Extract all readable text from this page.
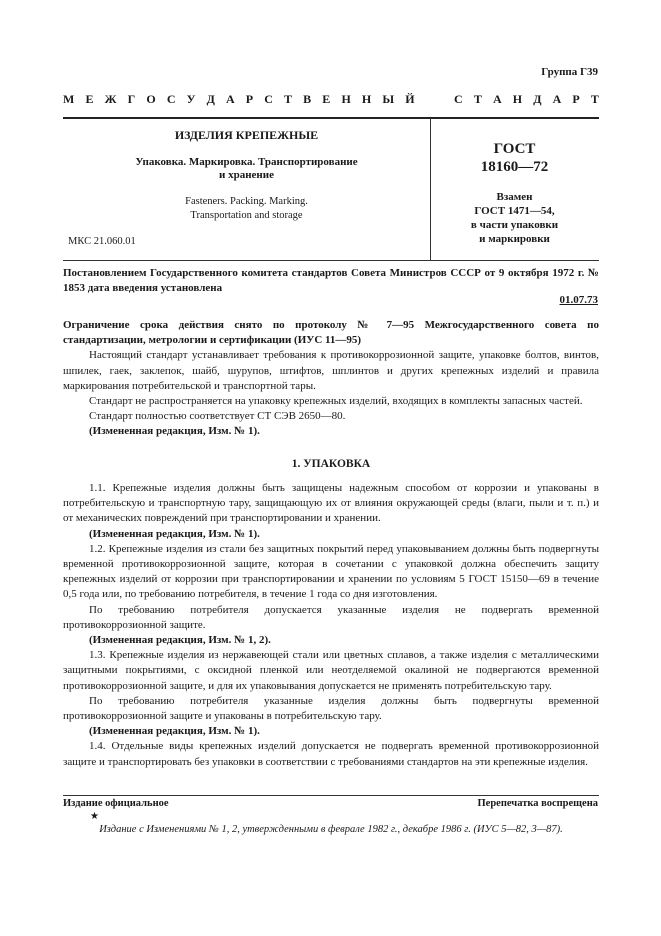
Группа Г39
М Е Ж Г О С У Д А Р С Т В Е Н Н Ы Й

	С Т А Н Д А Р Т
ИЗДЕЛИЯ КРЕПЕЖНЫЕ
Упаковка. Маркировка. Транспортирование
и хранение
Fasteners. Packing. Marking.
Transportation and storage
МКС 21.060.01
ГОСТ
18160—72
Взамен
ГОСТ 1471—54,
в части упаковки
и маркировки

Постановлением Государственного комитета стандартов Совета Министров СССР от 9 октября 1972 г. № 1853 дата введения установлена

01.07.73

Ограничение срока действия снято по протоколу № 7—95 Межгосударственного совета по стандартизации, метрологии и сертификации (ИУС 11—95)

Настоящий стандарт устанавливает требования к противокоррозионной защите, упаковке болтов, винтов, шпилек, гаек, заклепок, шайб, шурупов, штифтов, шплинтов и других крепежных изделий и правила маркирования потребительской и транспортной тары.

Стандарт не распространяется на упаковку крепежных изделий, входящих в комплекты запасных частей.

Стандарт полностью соответствует СТ СЭВ 2650—80.

(Измененная редакция, Изм. № 1).

1. УПАКОВКА

1.1. Крепежные изделия должны быть защищены надежным способом от коррозии и упакованы в потребительскую и транспортную тару, защищающую их от влияния окружающей среды (влаги, пыли и т. п.) и от механических повреждений при транспортировании и хранении.

(Измененная редакция, Изм. № 1).

1.2. Крепежные изделия из стали без защитных покрытий перед упаковыванием должны быть подвергнуты временной противокоррозионной защите, которая в сочетании с упаковкой должна обеспечить защиту крепежных изделий от коррозии при транспортировании и хранении по условиям 5 ГОСТ 15150—69 в течение 0,5 года или, по требованию потребителя, в течение 1 года со дня изготовления.

По требованию потребителя допускается указанные изделия не подвергать временной противокоррозионной защите.

(Измененная редакция, Изм. № 1, 2).

1.3. Крепежные изделия из нержавеющей стали или цветных сплавов, а также изделия с металлическими защитными покрытиями, с оксидной пленкой или неотделяемой окалиной не подвергаются временной противокоррозионной защите, и для их упаковывания допускается не применять потребительскую тару.

По требованию потребителя указанные изделия должны быть подвергнуты временной противокоррозионной защите и упакованы в потребительскую тару.

(Измененная редакция, Изм. № 1).

1.4. Отдельные виды крепежных изделий допускается не подвергать временной противокоррозионной защите и транспортировать без упаковки в соответствии с требованиями стандартов на эти крепежные изделия.

Издание официальное	Перепечатка воспрещена
★
Издание с Изменениями № 1, 2, утвержденными в феврале 1982 г., декабре 1986 г. (ИУС 5—82, 3—87).
